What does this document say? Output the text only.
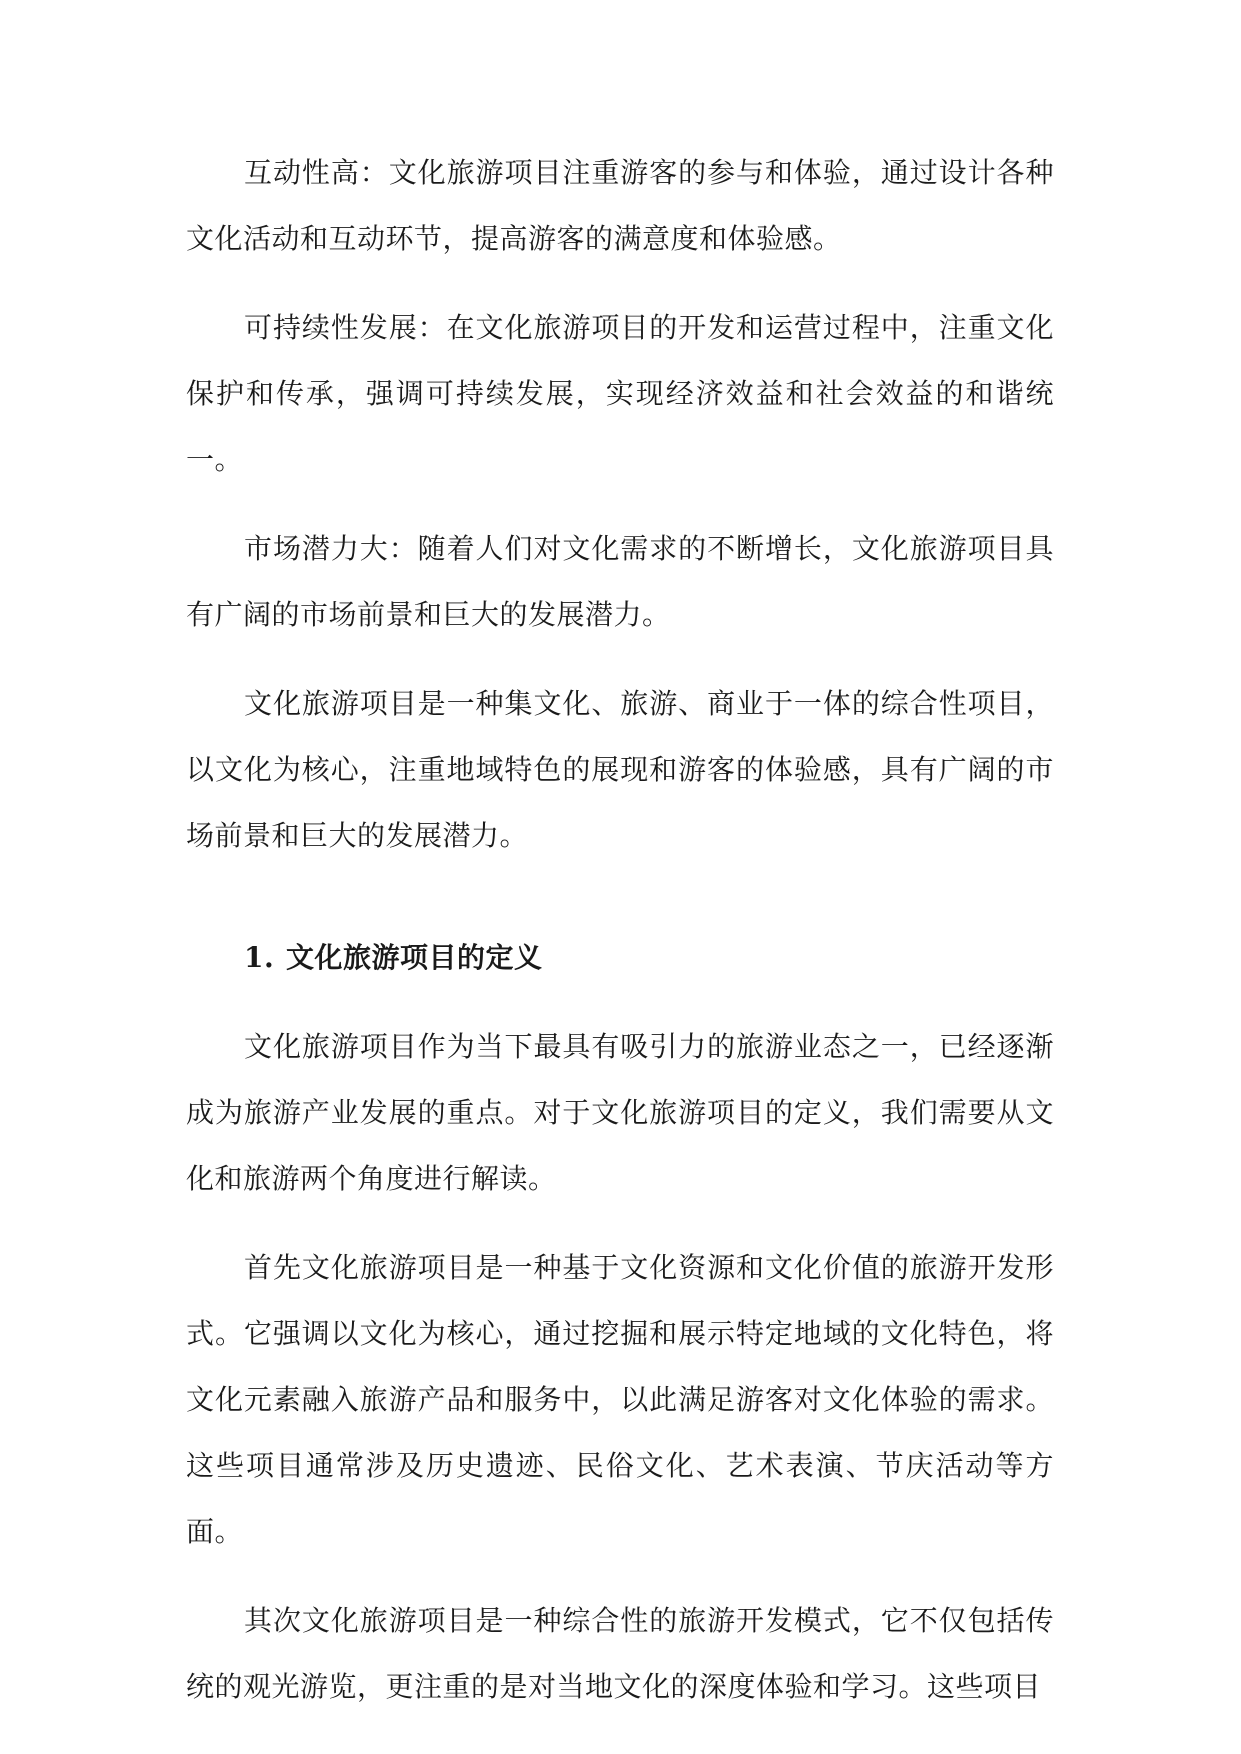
互动性高：文化旅游项目注重游客的参与和体验，通过设计各种文化活动和互动环节，提高游客的满意度和体验感。

可持续性发展：在文化旅游项目的开发和运营过程中，注重文化保护和传承，强调可持续发展，实现经济效益和社会效益的和谐统一。

市场潜力大：随着人们对文化需求的不断增长，文化旅游项目具有广阔的市场前景和巨大的发展潜力。

文化旅游项目是一种集文化、旅游、商业于一体的综合性项目，以文化为核心，注重地域特色的展现和游客的体验感，具有广阔的市场前景和巨大的发展潜力。

1. 文化旅游项目的定义

文化旅游项目作为当下最具有吸引力的旅游业态之一，已经逐渐成为旅游产业发展的重点。对于文化旅游项目的定义，我们需要从文化和旅游两个角度进行解读。

首先文化旅游项目是一种基于文化资源和文化价值的旅游开发形式。它强调以文化为核心，通过挖掘和展示特定地域的文化特色，将文化元素融入旅游产品和服务中，以此满足游客对文化体验的需求。这些项目通常涉及历史遗迹、民俗文化、艺术表演、节庆活动等方面。

其次文化旅游项目是一种综合性的旅游开发模式，它不仅包括传统的观光游览，更注重的是对当地文化的深度体验和学习。这些项目
